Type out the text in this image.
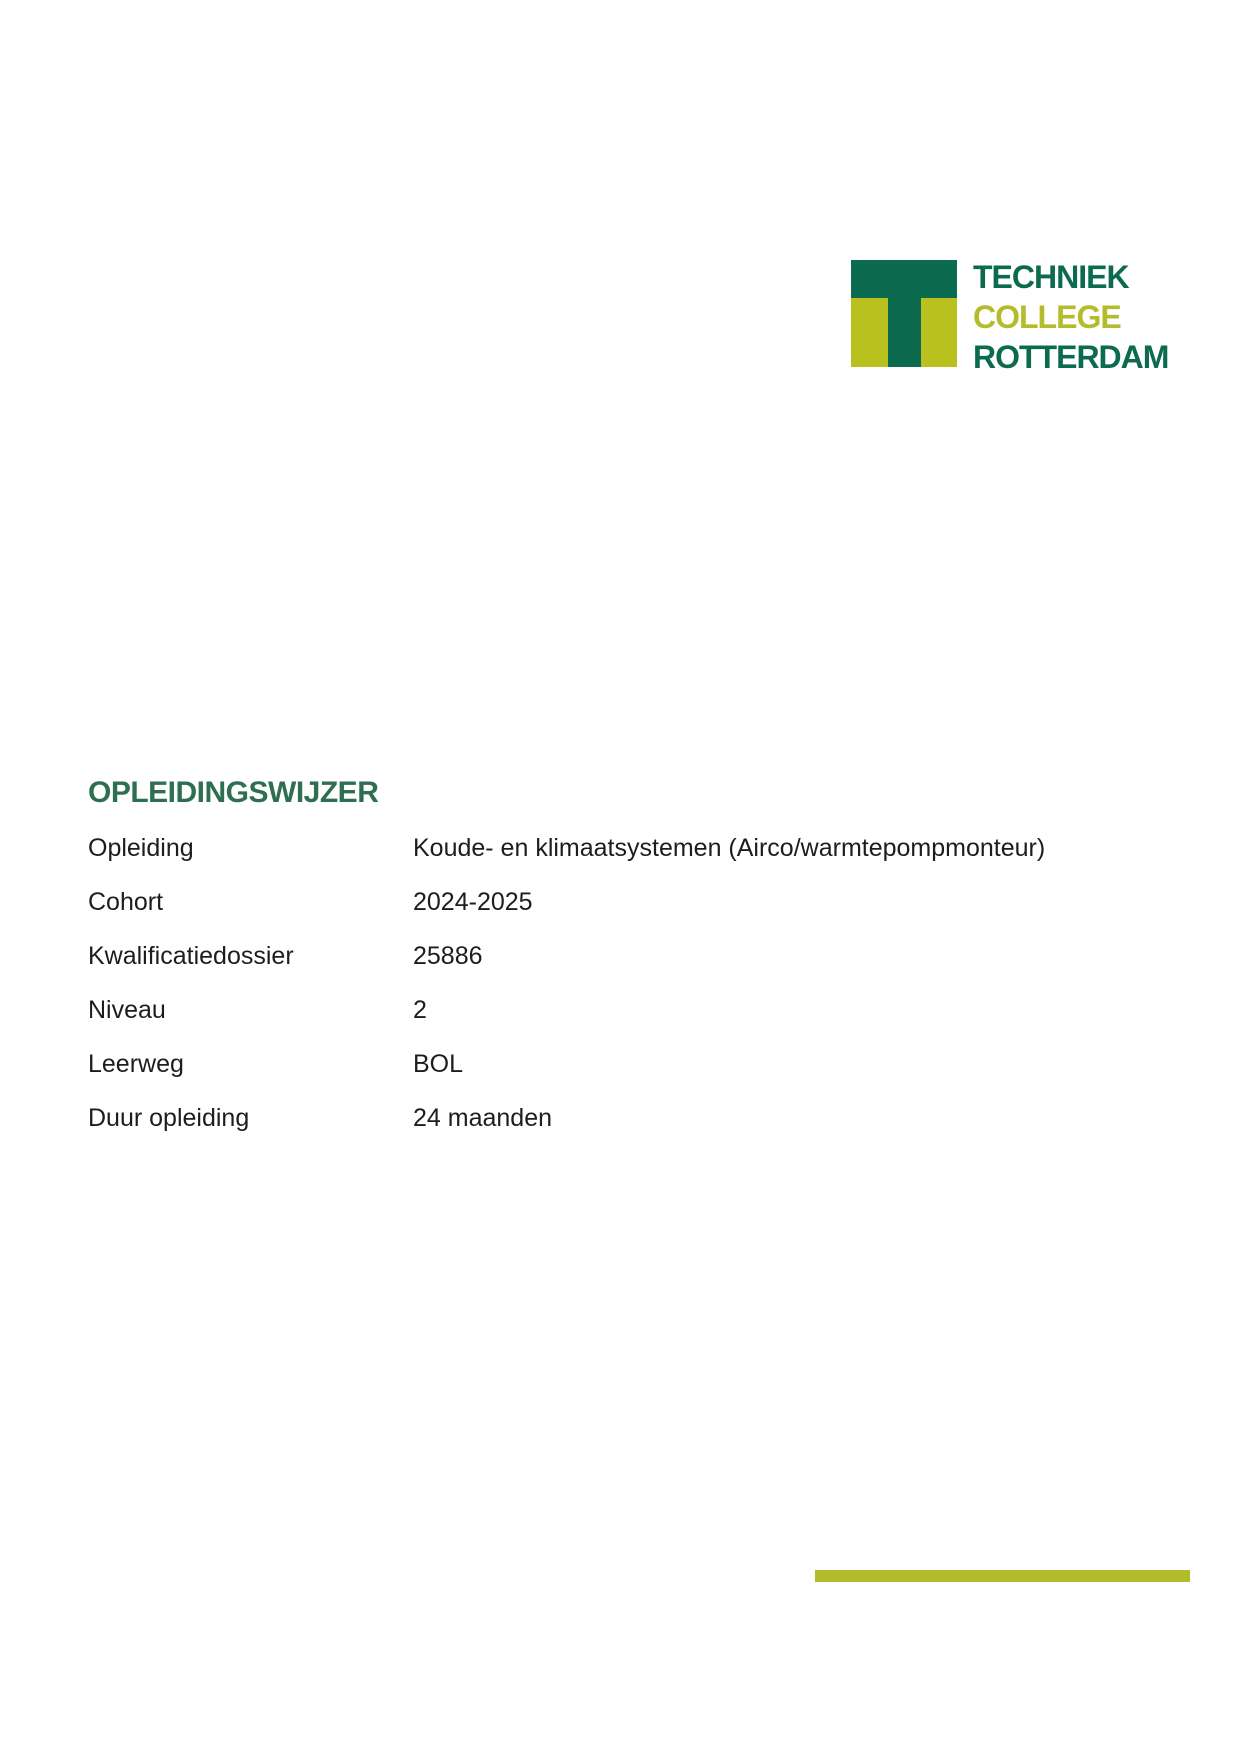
TECHNIEK
COLLEGE
ROTTERDAM
OPLEIDINGSWIJZER
Opleiding	Koude- en klimaatsystemen (Airco/warmtepompmonteur)
Cohort	2024-2025
Kwalificatiedossier	25886
Niveau	2
Leerweg	BOL
Duur opleiding	24 maanden
